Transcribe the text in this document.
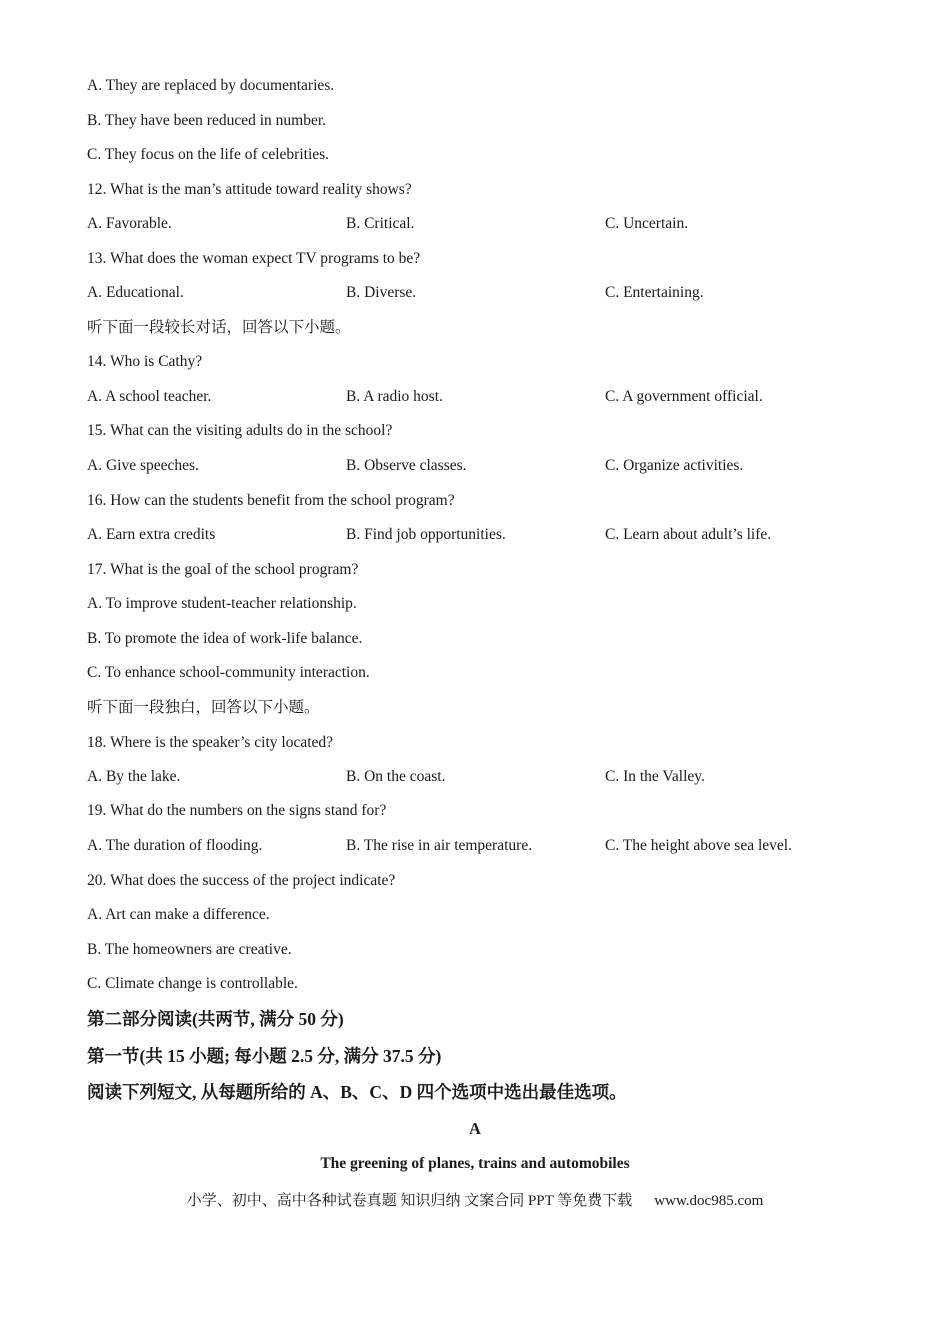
A. They are replaced by documentaries.
B. They have been reduced in number.
C. They focus on the life of celebrities.
12. What is the man’s attitude toward reality shows?
A. Favorable.	B. Critical.	C. Uncertain.
13. What does the woman expect TV programs to be?
A. Educational.	B. Diverse.	C. Entertaining.
听下面一段较长对话，回答以下小题。
14. Who is Cathy?
A. A school teacher.	B. A radio host.	C. A government official.
15. What can the visiting adults do in the school?
A. Give speeches.	B. Observe classes.	C. Organize activities.
16. How can the students benefit from the school program?
A. Earn extra credits	B. Find job opportunities.	C. Learn about adult’s life.
17. What is the goal of the school program?
A. To improve student-teacher relationship.
B. To promote the idea of work-life balance.
C. To enhance school-community interaction.
听下面一段独白，回答以下小题。
18. Where is the speaker’s city located?
A. By the lake.	B. On the coast.	C. In the Valley.
19. What do the numbers on the signs stand for?
A. The duration of flooding.	B. The rise in air temperature.	C. The height above sea level.
20. What does the success of the project indicate?
A. Art can make a difference.
B. The homeowners are creative.
C. Climate change is controllable.
第二部分阅读(共两节, 满分 50 分)
第一节(共 15 小题; 每小题 2.5 分, 满分 37.5 分)
阅读下列短文, 从每题所给的 A、B、C、D 四个选项中选出最佳选项。
A
The greening of planes, trains and automobiles
小学、初中、高中各种试卷真题 知识归纳 文案合同 PPT 等免费下载 www.doc985.com
